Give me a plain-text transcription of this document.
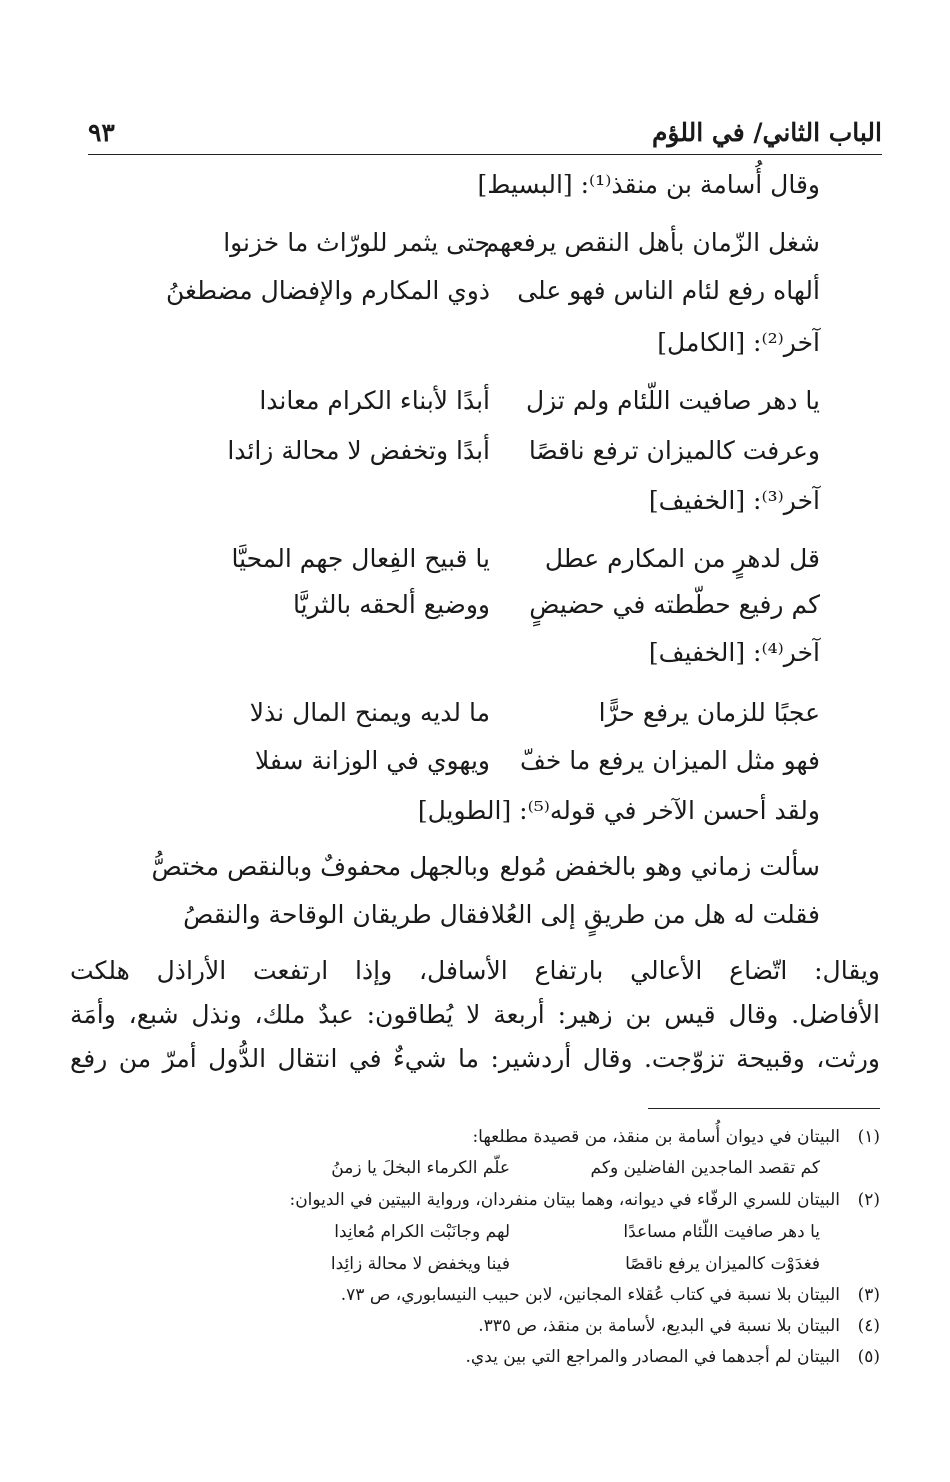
الباب الثاني/ في اللؤم
٩٣
وقال أُسامة بن منقذ⁽¹⁾: [البسيط]
شغل الزّمان بأهل النقص يرفعهم
حتى يثمر للورّاث ما خزنوا
ألهاه رفع لئام الناس فهو على
ذوي المكارم والإفضال مضطغنُ
آخر⁽²⁾: [الكامل]
يا دهر صافيت اللّئام ولم تزل
أبدًا لأبناء الكرام معاندا
وعرفت كالميزان ترفع ناقصًا
أبدًا وتخفض لا محالة زائدا
آخر⁽³⁾: [الخفيف]
قل لدهرٍ من المكارم عطل
يا قبيح الفِعال جهم المحيَّا
كم رفيع حطّطته في حضيضٍ
ووضيع ألحقه بالثريَّا
آخر⁽⁴⁾: [الخفيف]
عجبًا للزمان يرفع حرًّا
ما لديه ويمنح المال نذلا
فهو مثل الميزان يرفع ما خفّ
ويهوي في الوزانة سفلا
ولقد أحسن الآخر في قوله⁽⁵⁾: [الطويل]
سألت زماني وهو بالخفض مُولع
وبالجهل محفوفٌ وبالنقص مختصُّ
فقلت له هل من طريقٍ إلى العُلا
فقال طريقان الوقاحة والنقصُ
ويقال: اتّضاع الأعالي بارتفاع الأسافل، وإذا ارتفعت الأراذل هلكت
الأفاضل. وقال قيس بن زهير: أربعة لا يُطاقون: عبدٌ ملك، ونذل شبع، وأمَة
ورثت، وقبيحة تزوّجت. وقال أردشير: ما شيءٌ في انتقال الدُّول أمرّ من رفع
(١)
البيتان في ديوان أُسامة بن منقذ، من قصيدة مطلعها:
كم تقصد الماجدين الفاضلين وكم
علّم الكرماء البخلَ يا زمنُ
(٢)
البيتان للسري الرفّاء في ديوانه، وهما بيتان منفردان، ورواية البيتين في الديوان:
يا دهر صافيت اللّئام مساعدًا
لهم وجانَبْت الكرام مُعانِدا
فغدَوْت كالميزان يرفع ناقصًا
فينا ويخفض لا محالة زائِدا
(٣)
البيتان بلا نسبة في كتاب عُقلاء المجانين، لابن حبيب النيسابوري، ص ٧٣.
(٤)
البيتان بلا نسبة في البديع، لأسامة بن منقذ، ص ٣٣٥.
(٥)
البيتان لم أجدهما في المصادر والمراجع التي بين يدي.
